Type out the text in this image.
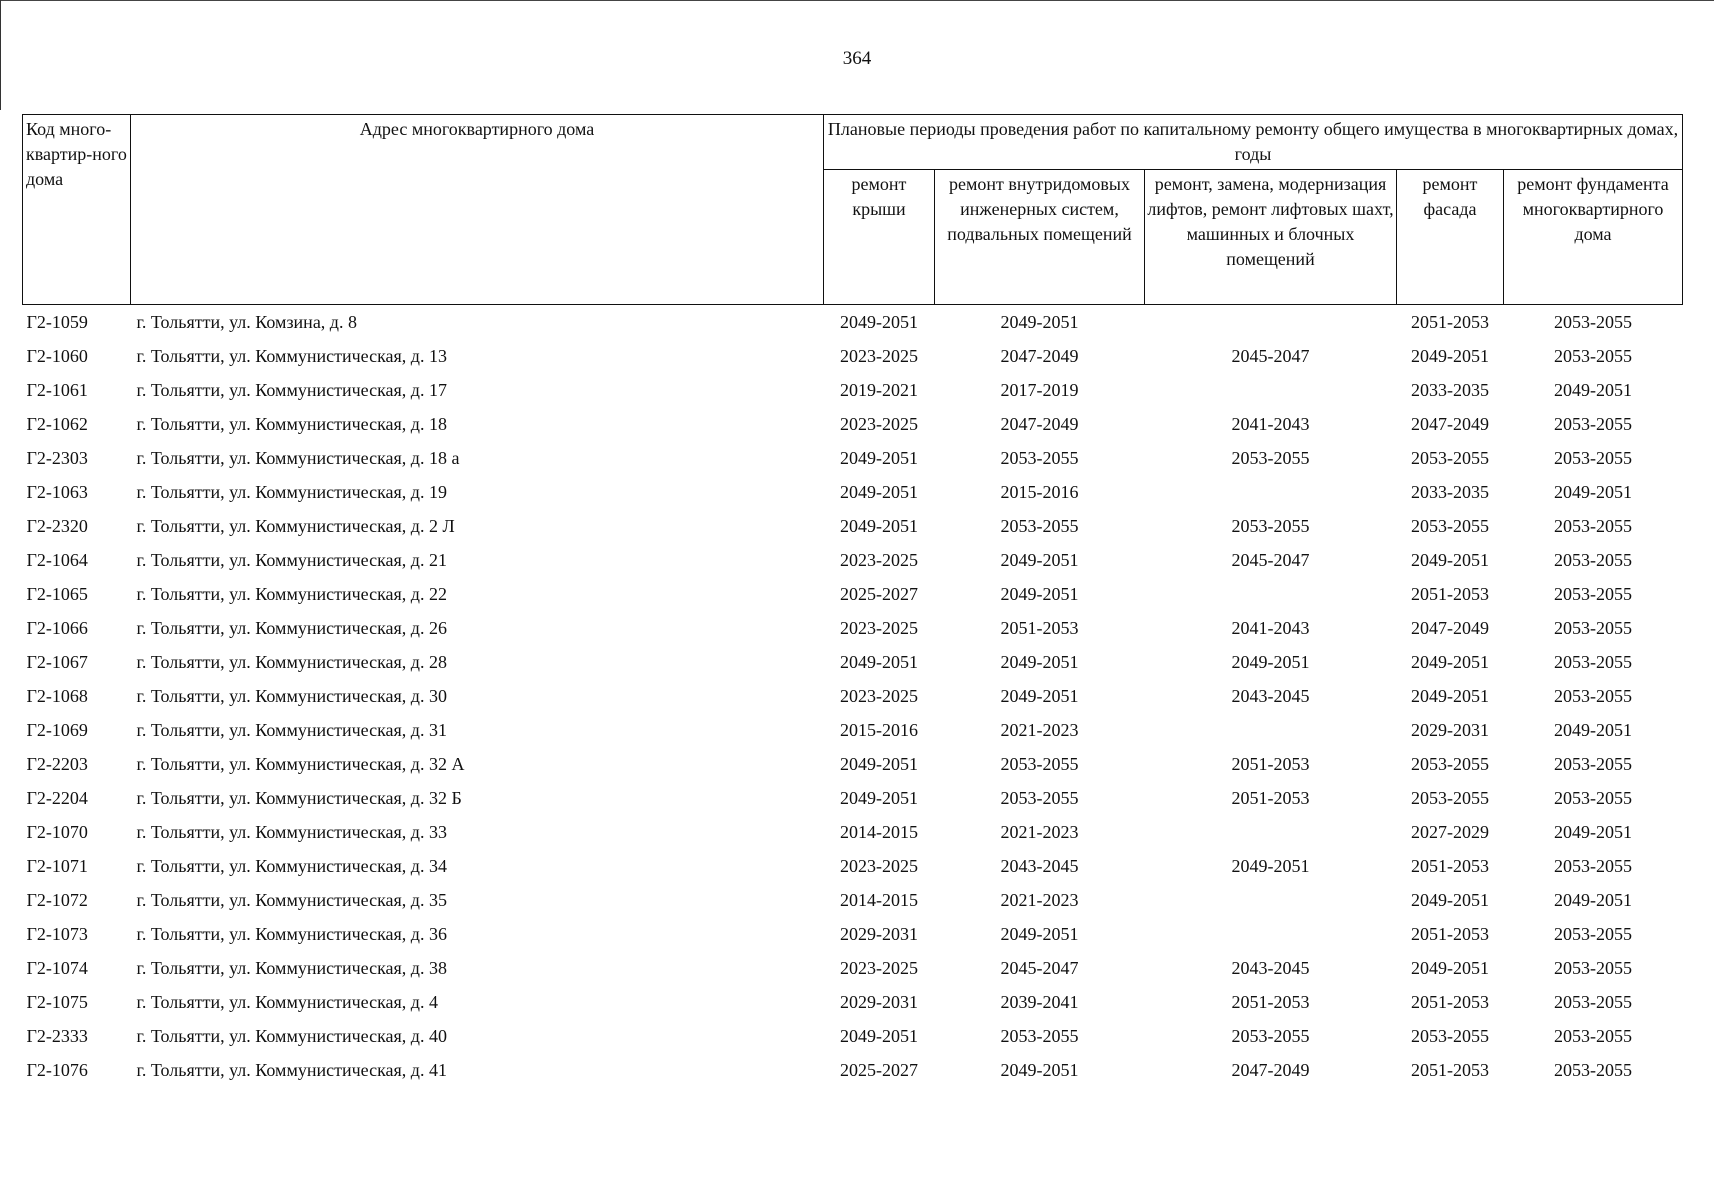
364
Код много-квартир-ного дома	Адрес многоквартирного дома	Плановые периоды проведения работ по капитальному ремонту общего имущества в многоквартирных домах, годы				
		ремонт крыши	ремонт внутридомовых инженерных систем, подвальных помещений	ремонт, замена, модернизация лифтов, ремонт лифтовых шахт, машинных и блочных помещений	ремонт фасада	ремонт фундамента многоквартирного дома
Г2-1059	г. Тольятти, ул. Комзина, д. 8	2049-2051	2049-2051		2051-2053	2053-2055
Г2-1060	г. Тольятти, ул. Коммунистическая, д. 13	2023-2025	2047-2049	2045-2047	2049-2051	2053-2055
Г2-1061	г. Тольятти, ул. Коммунистическая, д. 17	2019-2021	2017-2019		2033-2035	2049-2051
Г2-1062	г. Тольятти, ул. Коммунистическая, д. 18	2023-2025	2047-2049	2041-2043	2047-2049	2053-2055
Г2-2303	г. Тольятти, ул. Коммунистическая, д. 18 а	2049-2051	2053-2055	2053-2055	2053-2055	2053-2055
Г2-1063	г. Тольятти, ул. Коммунистическая, д. 19	2049-2051	2015-2016		2033-2035	2049-2051
Г2-2320	г. Тольятти, ул. Коммунистическая, д. 2 Л	2049-2051	2053-2055	2053-2055	2053-2055	2053-2055
Г2-1064	г. Тольятти, ул. Коммунистическая, д. 21	2023-2025	2049-2051	2045-2047	2049-2051	2053-2055
Г2-1065	г. Тольятти, ул. Коммунистическая, д. 22	2025-2027	2049-2051		2051-2053	2053-2055
Г2-1066	г. Тольятти, ул. Коммунистическая, д. 26	2023-2025	2051-2053	2041-2043	2047-2049	2053-2055
Г2-1067	г. Тольятти, ул. Коммунистическая, д. 28	2049-2051	2049-2051	2049-2051	2049-2051	2053-2055
Г2-1068	г. Тольятти, ул. Коммунистическая, д. 30	2023-2025	2049-2051	2043-2045	2049-2051	2053-2055
Г2-1069	г. Тольятти, ул. Коммунистическая, д. 31	2015-2016	2021-2023		2029-2031	2049-2051
Г2-2203	г. Тольятти, ул. Коммунистическая, д. 32 А	2049-2051	2053-2055	2051-2053	2053-2055	2053-2055
Г2-2204	г. Тольятти, ул. Коммунистическая, д. 32 Б	2049-2051	2053-2055	2051-2053	2053-2055	2053-2055
Г2-1070	г. Тольятти, ул. Коммунистическая, д. 33	2014-2015	2021-2023		2027-2029	2049-2051
Г2-1071	г. Тольятти, ул. Коммунистическая, д. 34	2023-2025	2043-2045	2049-2051	2051-2053	2053-2055
Г2-1072	г. Тольятти, ул. Коммунистическая, д. 35	2014-2015	2021-2023		2049-2051	2049-2051
Г2-1073	г. Тольятти, ул. Коммунистическая, д. 36	2029-2031	2049-2051		2051-2053	2053-2055
Г2-1074	г. Тольятти, ул. Коммунистическая, д. 38	2023-2025	2045-2047	2043-2045	2049-2051	2053-2055
Г2-1075	г. Тольятти, ул. Коммунистическая, д. 4	2029-2031	2039-2041	2051-2053	2051-2053	2053-2055
Г2-2333	г. Тольятти, ул. Коммунистическая, д. 40	2049-2051	2053-2055	2053-2055	2053-2055	2053-2055
Г2-1076	г. Тольятти, ул. Коммунистическая, д. 41	2025-2027	2049-2051	2047-2049	2051-2053	2053-2055
